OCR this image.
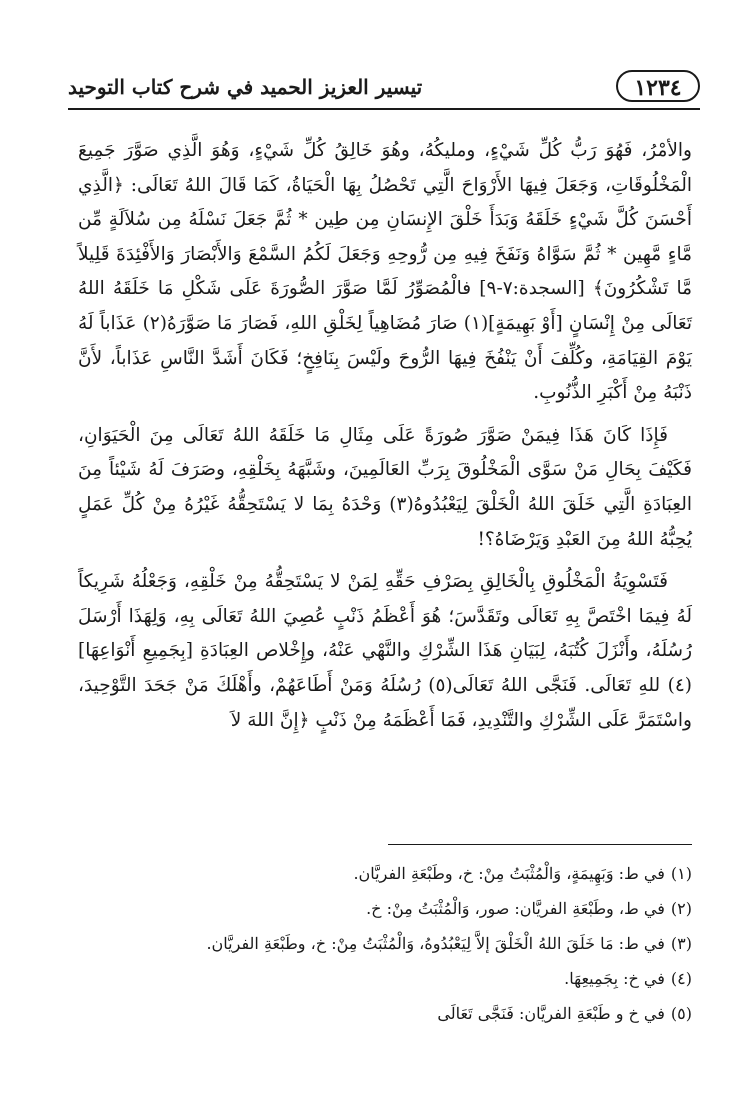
١٢٣٤
تيسير العزيز الحميد في شرح كتاب التوحيد

والأمْرُ، فَهُوَ رَبُّ كُلِّ شَيْءٍ، ومليكُهُ، وهُوَ خَالِقُ كُلِّ شَيْءٍ، وَهُوَ الَّذِي صَوَّرَ جَمِيعَ الْمَخْلُوقَاتِ، وَجَعَلَ فِيهَا الأَرْوَاحَ الَّتِي تَحْصُلُ بِهَا الْحَيَاةُ، كَمَا قَالَ اللهُ تَعَالَى: ﴿الَّذِي أَحْسَنَ كُلَّ شَيْءٍ خَلَقَهُ وَبَدَأَ خَلْقَ الإِنسَانِ مِن طِين * ثُمَّ جَعَلَ نَسْلَهُ مِن سُلاَلَةٍ مِّن مَّاءٍ مَّهِين * ثُمَّ سَوَّاهُ وَنَفَخَ فِيهِ مِن رُّوحِهِ وَجَعَلَ لَكُمُ السَّمْعَ وَالأَبْصَارَ وَالأَفْئِدَةَ قَلِيلاً مَّا تَشْكُرُونَ﴾ [السجدة:٧-٩] فالْمُصَوِّرُ لَمَّا صَوَّرَ الصُّورَةَ عَلَى شَكْلِ مَا خَلَقَهُ اللهُ تَعَالَى مِنْ إِنْسَانٍ [أَوْ بَهِيمَةٍ](١) صَارَ مُضَاهِياً لِخَلْقِ اللهِ، فَصَارَ مَا صَوَّرَهُ(٢) عَذَاباً لَهُ يَوْمَ القِيَامَةِ، وكُلِّفَ أَنْ يَنْفُخَ فِيهَا الرُّوحَ ولَيْسَ بِنَافِخٍ؛ فَكَانَ أَشَدَّ النَّاسِ عَذَاباً، لأَنَّ ذَنْبَهُ مِنْ أَكْبَرِ الذُّنُوبِ.

فَإِذَا كَانَ هَذَا فِيمَنْ صَوَّرَ صُورَةً عَلَى مِثَالِ مَا خَلَقَهُ اللهُ تَعَالَى مِنَ الْحَيَوَانِ، فَكَيْفَ بِحَالِ مَنْ سَوَّى الْمَخْلُوقَ بِرَبِّ العَالَمِينَ، وشَبَّهَهُ بِخَلْقِهِ، وصَرَفَ لَهُ شَيْئاً مِنَ العِبَادَةِ الَّتِي خَلَقَ اللهُ الْخَلْقَ لِيَعْبُدُوهُ(٣) وَحْدَهُ بِمَا لا يَسْتَحِقُّهُ غَيْرُهُ مِنْ كُلِّ عَمَلٍ يُحِبُّهُ اللهُ مِنَ العَبْدِ وَيَرْضَاهُ؟!

فَتَسْوِيَةُ الْمَخْلُوقِ بِالْخَالِقِ بِصَرْفِ حَقِّهِ لِمَنْ لا يَسْتَحِقُّهُ مِنْ خَلْقِهِ، وَجَعْلُهُ شَرِيكاً لَهُ فِيمَا اخْتَصَّ بِهِ تَعَالَى وتَقَدَّسَ؛ هُوَ أَعْظَمُ ذَنْبٍ عُصِيَ اللهُ تَعَالَى بِهِ، وَلِهَذَا أَرْسَلَ رُسُلَهُ، وأَنْزَلَ كُتُبَهُ، لِبَيَانِ هَذَا الشِّرْكِ والنَّهْي عَنْهُ، وإِخْلاص العِبَادَةِ [بِجَمِيعِ أَنْوَاعِهَا](٤) للهِ تَعَالَى. فَنَجَّى اللهُ تَعَالَى(٥) رُسُلَهُ وَمَنْ أَطَاعَهُمْ، وأَهْلَكَ مَنْ جَحَدَ التَّوْحِيدَ، واسْتَمَرَّ عَلَى الشِّرْكِ والتَّنْدِيدِ، فَمَا أَعْظَمَهُ مِنْ ذَنْبٍ ﴿إِنَّ اللهَ لاَ

(١)في ط: وَبَهِيمَةٍ، وَالْمُثْبَتُ مِنْ: خ، وطَبْعَةِ الفريَّان.
(٢)في ط، وطَبْعَةِ الفريَّان: صور، وَالْمُثْبَتُ مِنْ: خ.
(٣)في ط: مَا خَلَقَ اللهُ الْخَلْقَ إلاَّ لِيَعْبُدُوهُ، وَالْمُثْبَتُ مِنْ: خ، وطَبْعَةِ الفريَّان.
(٤)في خ: بِجَمِيعِهَا.
(٥)في خ و طَبْعَةِ الفريَّان: فَنَجَّى تَعَالَى
